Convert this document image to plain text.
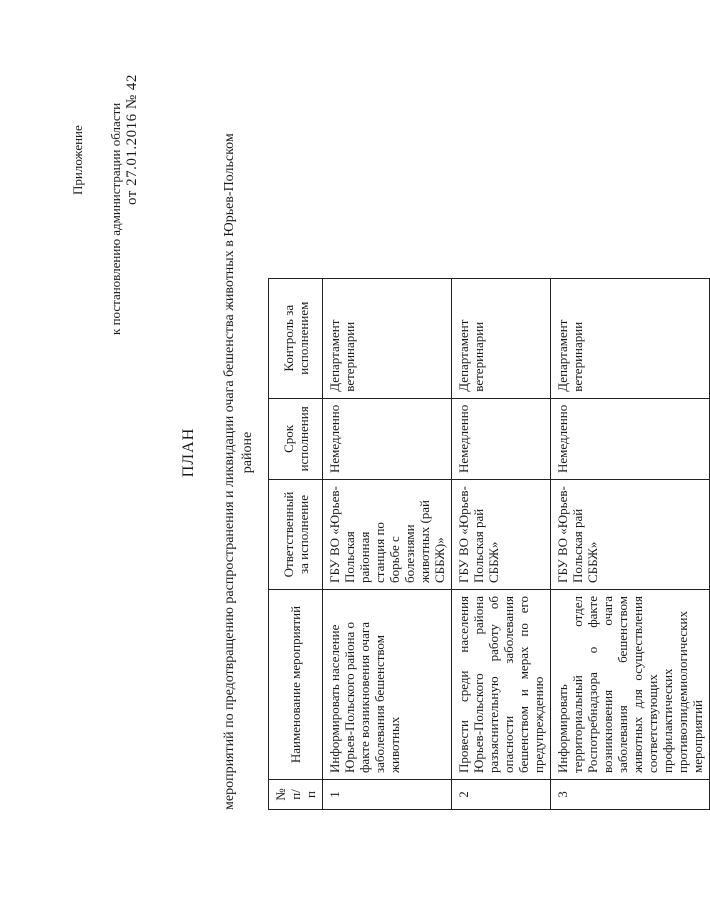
Приложение к постановлению администрации области от 27.01.2016 № 42
ПЛАН мероприятий по предотвращению распространения и ликвидации очага бешенства животных в Юрьев-Польском районе
№ п/п	Наименование мероприятий	Ответственный за исполнение	Срок исполнения	Контроль за исполнением
1	Информировать население Юрьев-Польского района о факте возникновения очага заболевания бешенством животных	ГБУ ВО «Юрьев-Польская районная станция по борьбе с болезнями животных (рай СББЖ)»	Немедленно	Департамент ветеринарии
2	Провести среди населения Юрьев-Польского района разъяснительную работу об опасности заболевания бешенством и мерах по его предупреждению	ГБУ ВО «Юрьев-Польская рай СББЖ»	Немедленно	Департамент ветеринарии
3	Информировать территориальный отдел Роспотребнадзора о факте возникновения очага заболевания бешенством животных для осуществления соответствующих профилактических противоэпидемиологических мероприятий	ГБУ ВО «Юрьев-Польская рай СББЖ»	Немедленно	Департамент ветеринарии
